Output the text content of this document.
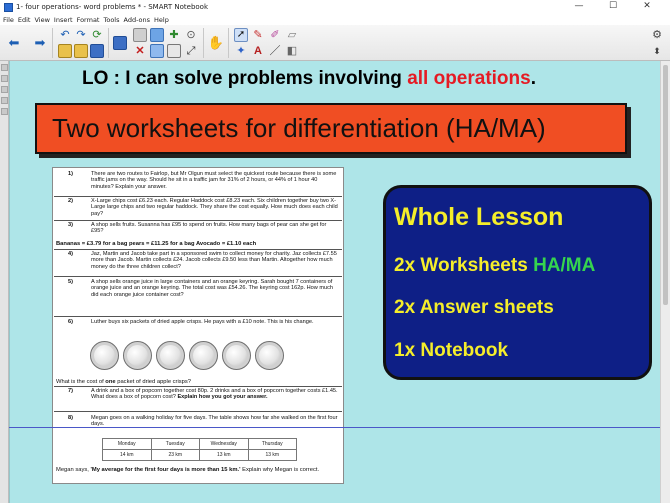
1- four operations- word problems * - SMART Notebook	—	☐	✕
File Edit View Insert Format Tools Add-ons Help
⬅ ➡ ↶ ↷ ⟳	✚ ⊙
✕	⤢
✋
➚ ✎ ✐ ▱
✦ A ／ ◧
⚙
⬍
LO : I can solve problems involving all operations.
Two worksheets for differentiation (HA/MA)
1)	There are two routes to Fairlop, but Mr Olgun must select the quickest route because there is some traffic jams on the way. Should he sit in a traffic jam for 31% of 2 hours, or 44% of 1 hour 40 minutes? Explain your answer.
2)	X-Large chips cost £6.23 each. Regular Haddock cost £8.23 each. Six children together buy two X-Large large chips and two regular haddock. They share the cost equally. How much does each child pay?
3)	A shop sells fruits. Susanna has £95 to spend on fruits. How many bags of pear can she get for £95?
Bananas = £3.79 for a bag pears = £11.25 for a bag Avocado = £1.10 each
4)	Jaz, Martin and Jacob take part in a sponsored swim to collect money for charity. Jaz collects £7.55 more than Jacob. Martin collects £24. Jacob collects £9.50 less than Martin. Altogether how much money do the three children collect?
5)	A shop sells orange juice in large containers and an orange keyring. Sarah bought 7 containers of orange juice and an orange keyring. The total cost was £54.26. The keyring cost 162p. How much did each orange juice container cost?
6)	Luther buys six packets of dried apple crisps. He pays with a £10 note. This is his change.
What is the cost of one packet of dried apple crisps?
7)	A drink and a box of popcorn together cost 80p. 2 drinks and a box of popcorn together costs £1.45. What does a box of popcorn cost? Explain how you got your answer.
8)	Megan goes on a walking holiday for five days. The table shows how far she walked on the first four days.
Monday	Tuesday	Wednesday	Thursday
14 km	23 km	13 km	13 km
Megan says, 'My average for the first four days is more than 15 km.' Explain why Megan is correct.
Whole Lesson
2x Worksheets HA/MA
2x Answer sheets
1x Notebook
